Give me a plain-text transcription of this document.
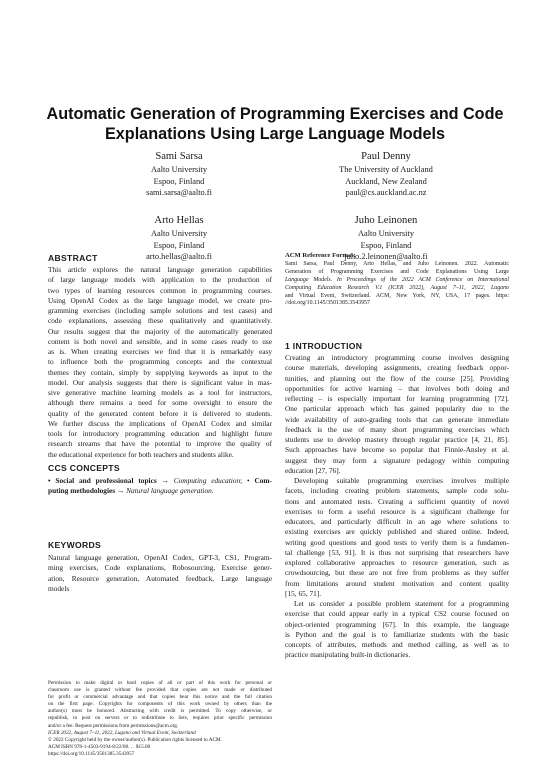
Automatic Generation of Programming Exercises and Code
Explanations Using Large Language Models
Sami Sarsa
Aalto University
Espoo, Finland
sami.sarsa@aalto.fi
Paul Denny
The University of Auckland
Auckland, New Zealand
paul@cs.auckland.ac.nz
Arto Hellas
Aalto University
Espoo, Finland
arto.hellas@aalto.fi
Juho Leinonen
Aalto University
Espoo, Finland
juho.2.leinonen@aalto.fi
ABSTRACT
This article explores the natural language generation capabilities
of large language models with application to the production of
two types of learning resources common in programming courses.
Using OpenAI Codex as the large language model, we create pro-
gramming exercises (including sample solutions and test cases) and
code explanations, assessing these qualitatively and quantitatively.
Our results suggest that the majority of the automatically generated
content is both novel and sensible, and in some cases ready to use
as is. When creating exercises we find that it is remarkably easy
to influence both the programming concepts and the contextual
themes they contain, simply by supplying keywords as input to the
model. Our analysis suggests that there is significant value in mas-
sive generative machine learning models as a tool for instructors,
although there remains a need for some oversight to ensure the
quality of the generated content before it is delivered to students.
We further discuss the implications of OpenAI Codex and similar
tools for introductory programming education and highlight future
research streams that have the potential to improve the quality of
the educational experience for both teachers and students alike.
CCS CONCEPTS
• Social and professional topics → Computing education; • Com-
puting methodologies → Natural language generation.
KEYWORDS
Natural language generation, OpenAI Codex, GPT-3, CS1, Program-
ming exercises, Code explanations, Robosourcing, Exercise gener-
ation, Resource generation, Automated feedback, Large language
models
Permission to make digital or hard copies of all or part of this work for personal or
classroom use is granted without fee provided that copies are not made or distributed
for profit or commercial advantage and that copies bear this notice and the full citation
on the first page. Copyrights for components of this work owned by others than the
author(s) must be honored. Abstracting with credit is permitted. To copy otherwise, or
republish, to post on servers or to redistribute to lists, requires prior specific permission
and/or a fee. Request permissions from permissions@acm.org.
ICER 2022, August 7–11, 2022, Lugano and Virtual Event, Switzerland
© 2022 Copyright held by the owner/author(s). Publication rights licensed to ACM.
ACM ISBN 978-1-4503-9194-8/22/08. . . $15.00
https://doi.org/10.1145/3501385.3543957
ACM Reference Format:
Sami Sarsa, Paul Denny, Arto Hellas, and Juho Leinonen. 2022. Automatic
Generation of Programming Exercises and Code Explanations Using Large
Language Models. In Proceedings of the 2022 ACM Conference on International
Computing Education Research V.1 (ICER 2022), August 7–11, 2022, Lugano
and Virtual Event, Switzerland. ACM, New York, NY, USA, 17 pages. https:
//doi.org/10.1145/3501385.3543957
1 INTRODUCTION
Creating an introductory programming course involves designing
course materials, developing assignments, creating feedback oppor-
tunities, and planning out the flow of the course [25]. Providing
opportunities for active learning – that involves both doing and
reflecting – is especially important for learning programming [72].
One particular approach which has gained popularity due to the
wide availability of auto-grading tools that can generate immediate
feedback is the use of many short programming exercises which
students use to develop mastery through regular practice [4, 21, 85].
Such approaches have become so popular that Finnie-Ansley et al.
suggest they may form a signature pedagogy within computing
education [27, 76].
Developing suitable programming exercises involves multiple
facets, including creating problem statements, sample code solu-
tions and automated tests. Creating a sufficient quantity of novel
exercises to form a useful resource is a significant challenge for
educators, and particularly difficult in an age where solutions to
existing exercises are quickly published and shared online. Indeed,
writing good questions and good tests to verify them is a fundamen-
tal challenge [53, 91]. It is thus not surprising that researchers have
explored collaborative approaches to resource generation, such as
crowdsourcing, but these are not free from problems as they suffer
from limitations around student motivation and content quality
[15, 65, 71].
Let us consider a possible problem statement for a programming
exercise that could appear early in a typical CS2 course focused on
object-oriented programming [67]. In this example, the language
is Python and the goal is to familiarize students with the basic
concepts of attributes, methods and method calling, as well as to
practice manipulating built-in dictionaries.
